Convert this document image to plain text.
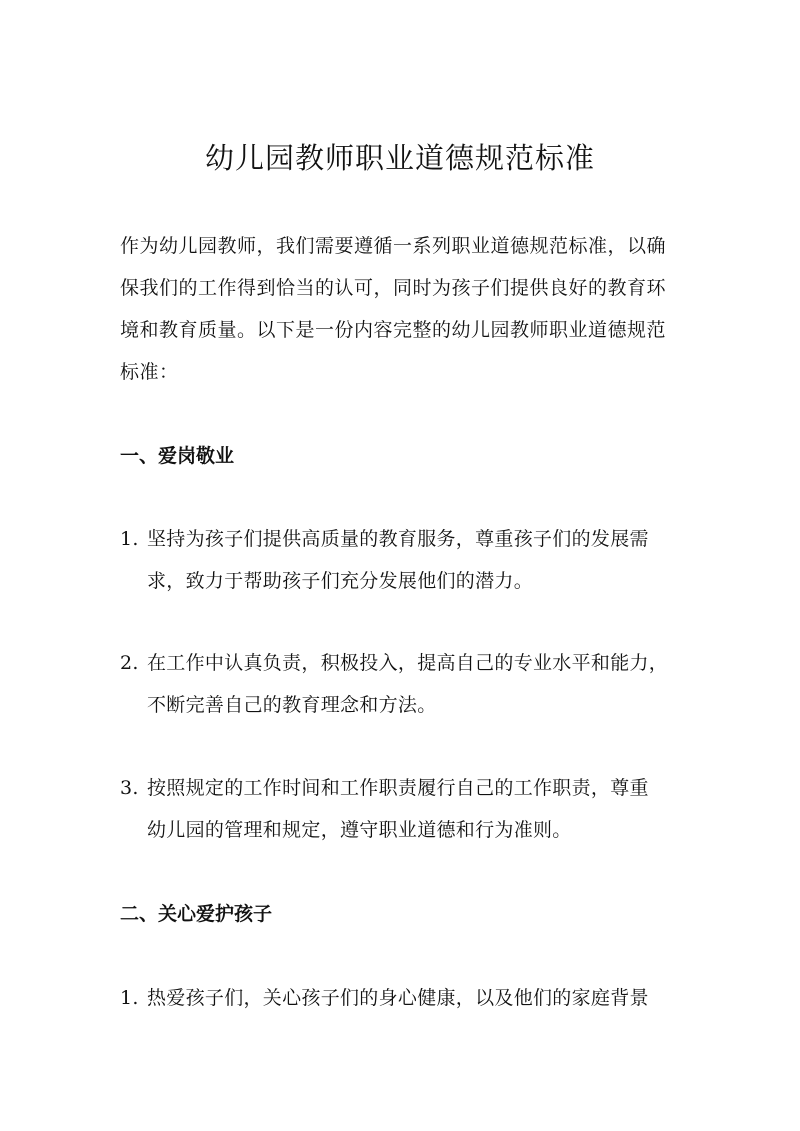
幼儿园教师职业道德规范标准

作为幼儿园教师，我们需要遵循一系列职业道德规范标准，以确
保我们的工作得到恰当的认可，同时为孩子们提供良好的教育环
境和教育质量。以下是一份内容完整的幼儿园教师职业道德规范
标准：

一、爱岗敬业
1. 坚持为孩子们提供高质量的教育服务，尊重孩子们的发展需
求，致力于帮助孩子们充分发展他们的潜力。
2. 在工作中认真负责，积极投入，提高自己的专业水平和能力，
不断完善自己的教育理念和方法。
3. 按照规定的工作时间和工作职责履行自己的工作职责，尊重
幼儿园的管理和规定，遵守职业道德和行为准则。
二、关心爱护孩子
1. 热爱孩子们，关心孩子们的身心健康，以及他们的家庭背景
